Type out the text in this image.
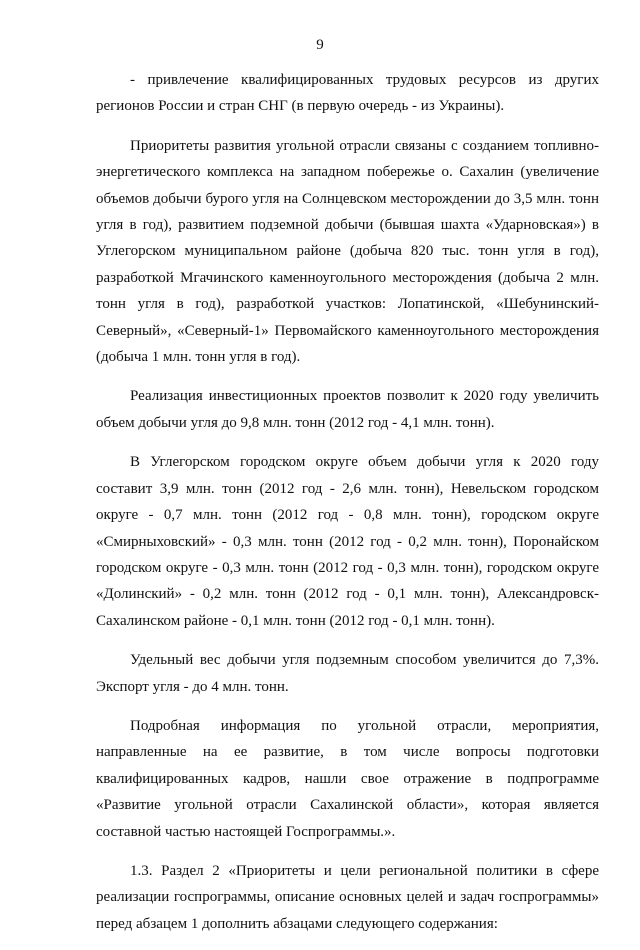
9

- привлечение квалифицированных трудовых ресурсов из других регионов России и стран СНГ (в первую очередь - из Украины).

Приоритеты развития угольной отрасли связаны с созданием топливно-энергетического комплекса на западном побережье о. Сахалин (увеличение объемов добычи бурого угля на Солнцевском месторождении до 3,5 млн. тонн угля в год), развитием подземной добычи (бывшая шахта «Ударновская») в Углегорском муниципальном районе (добыча 820 тыс. тонн угля в год), разработкой Мгачинского каменноугольного месторождения (добыча 2 млн. тонн угля в год), разработкой участков: Лопатинской, «Шебунинский-Северный», «Северный-1» Первомайского каменноугольного месторождения (добыча 1 млн. тонн угля в год).

Реализация инвестиционных проектов позволит к 2020 году увеличить объем добычи угля до 9,8 млн. тонн (2012 год - 4,1 млн. тонн).

В Углегорском городском округе объем добычи угля к 2020 году составит 3,9 млн. тонн (2012 год - 2,6 млн. тонн), Невельском городском округе - 0,7 млн. тонн (2012 год - 0,8 млн. тонн), городском округе «Смирныховский» - 0,3 млн. тонн (2012 год - 0,2 млн. тонн), Поронайском городском округе - 0,3 млн. тонн (2012 год - 0,3 млн. тонн), городском округе «Долинский» - 0,2 млн. тонн (2012 год - 0,1 млн. тонн), Александровск-Сахалинском районе - 0,1 млн. тонн (2012 год - 0,1 млн. тонн).

Удельный вес добычи угля подземным способом увеличится до 7,3%. Экспорт угля - до 4 млн. тонн.

Подробная информация по угольной отрасли, мероприятия, направленные на ее развитие, в том числе вопросы подготовки квалифицированных кадров, нашли свое отражение в подпрограмме «Развитие угольной отрасли Сахалинской области», которая является составной частью настоящей Госпрограммы.».

1.3. Раздел 2 «Приоритеты и цели региональной политики в сфере реализации госпрограммы, описание основных целей и задач госпрограммы» перед абзацем 1 дополнить абзацами следующего содержания:
